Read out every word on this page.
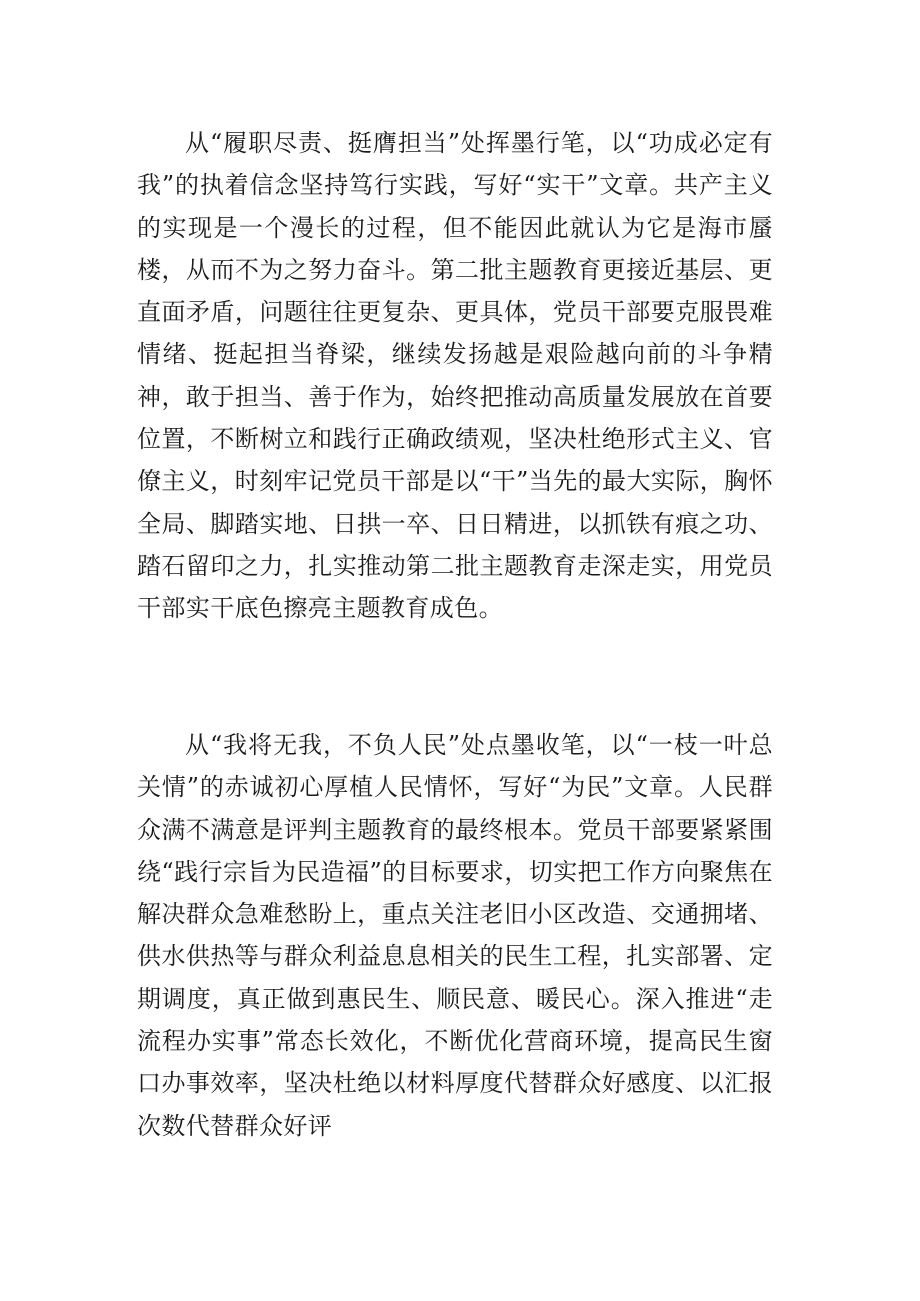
从“履职尽责、挺膺担当”处挥墨行笔，以“功成必定有我”的执着信念坚持笃行实践，写好“实干”文章。共产主义的实现是一个漫长的过程，但不能因此就认为它是海市蜃楼，从而不为之努力奋斗。第二批主题教育更接近基层、更直面矛盾，问题往往更复杂、更具体，党员干部要克服畏难情绪、挺起担当脊梁，继续发扬越是艰险越向前的斗争精神，敢于担当、善于作为，始终把推动高质量发展放在首要位置，不断树立和践行正确政绩观，坚决杜绝形式主义、官僚主义，时刻牢记党员干部是以“干”当先的最大实际，胸怀全局、脚踏实地、日拱一卒、日日精进，以抓铁有痕之功、踏石留印之力，扎实推动第二批主题教育走深走实，用党员干部实干底色擦亮主题教育成色。

从“我将无我，不负人民”处点墨收笔，以“一枝一叶总关情”的赤诚初心厚植人民情怀，写好“为民”文章。人民群众满不满意是评判主题教育的最终根本。党员干部要紧紧围绕“践行宗旨为民造福”的目标要求，切实把工作方向聚焦在解决群众急难愁盼上，重点关注老旧小区改造、交通拥堵、供水供热等与群众利益息息相关的民生工程，扎实部署、定期调度，真正做到惠民生、顺民意、暖民心。深入推进“走流程办实事”常态长效化，不断优化营商环境，提高民生窗口办事效率，坚决杜绝以材料厚度代替群众好感度、以汇报次数代替群众好评
